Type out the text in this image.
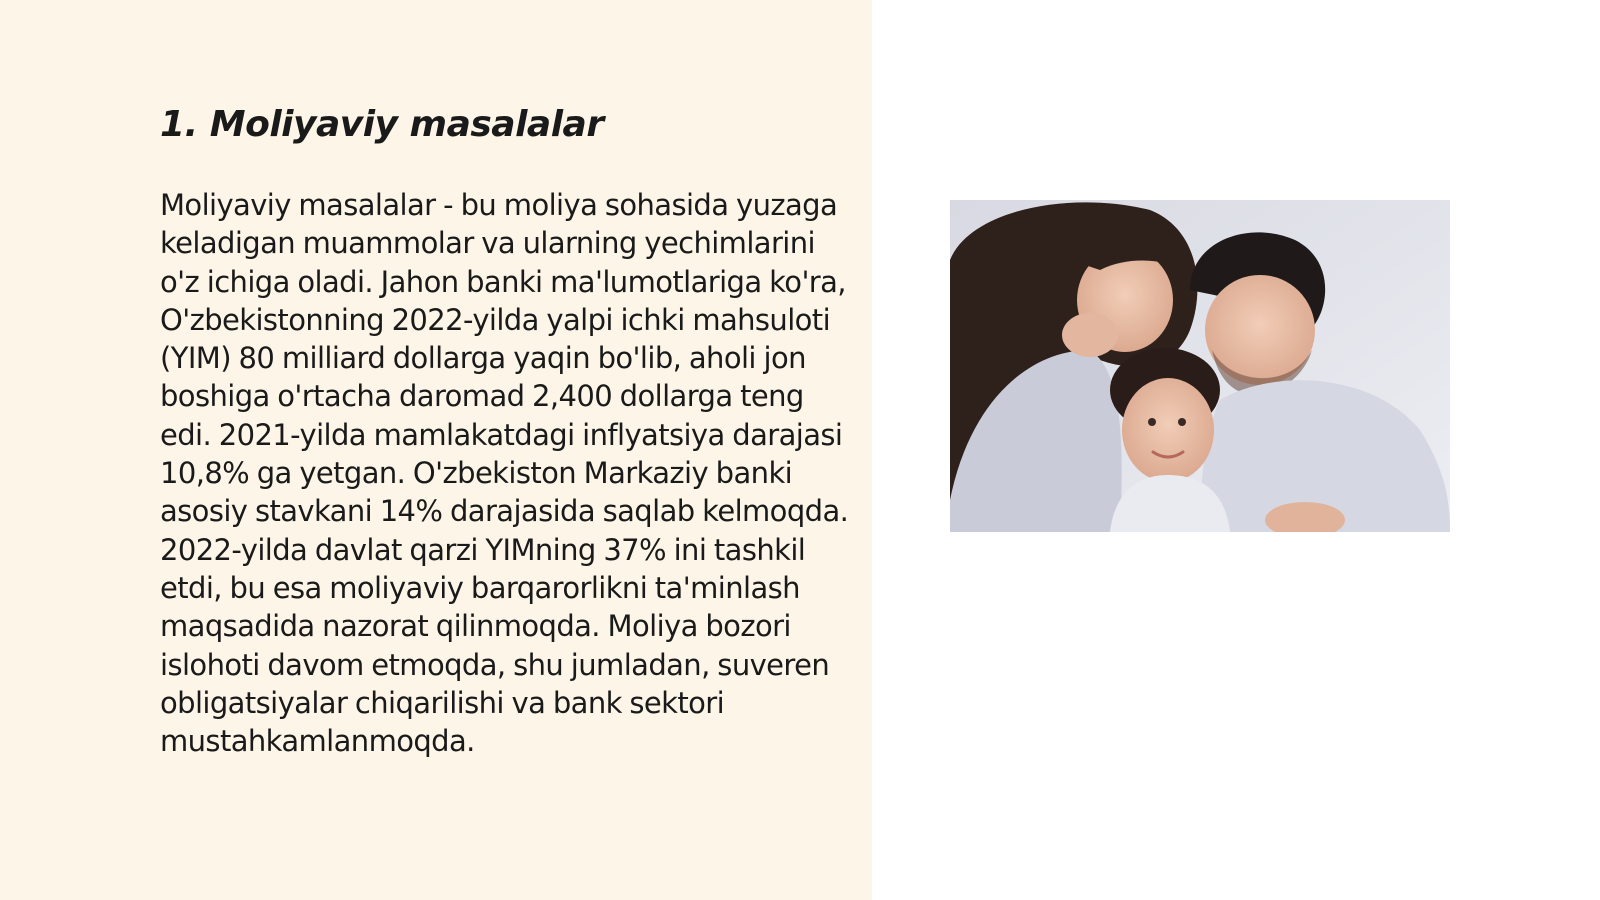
1. Moliyaviy masalalar

Moliyaviy masalalar - bu moliya sohasida yuzaga keladigan muammolar va ularning yechimlarini o'z ichiga oladi. Jahon banki ma'lumotlariga ko'ra, O'zbekistonning 2022-yilda yalpi ichki mahsuloti (YIM) 80 milliard dollarga yaqin bo'lib, aholi jon boshiga o'rtacha daromad 2,400 dollarga teng edi. 2021-yilda mamlakatdagi inflyatsiya darajasi 10,8% ga yetgan. O'zbekiston Markaziy banki asosiy stavkani 14% darajasida saqlab kelmoqda. 2022-yilda davlat qarzi YIMning 37% ini tashkil etdi, bu esa moliyaviy barqarorlikni ta'minlash maqsadida nazorat qilinmoqda. Moliya bozori islohoti davom etmoqda, shu jumladan, suveren obligatsiyalar chiqarilishi va bank sektori mustahkamlanmoqda.
